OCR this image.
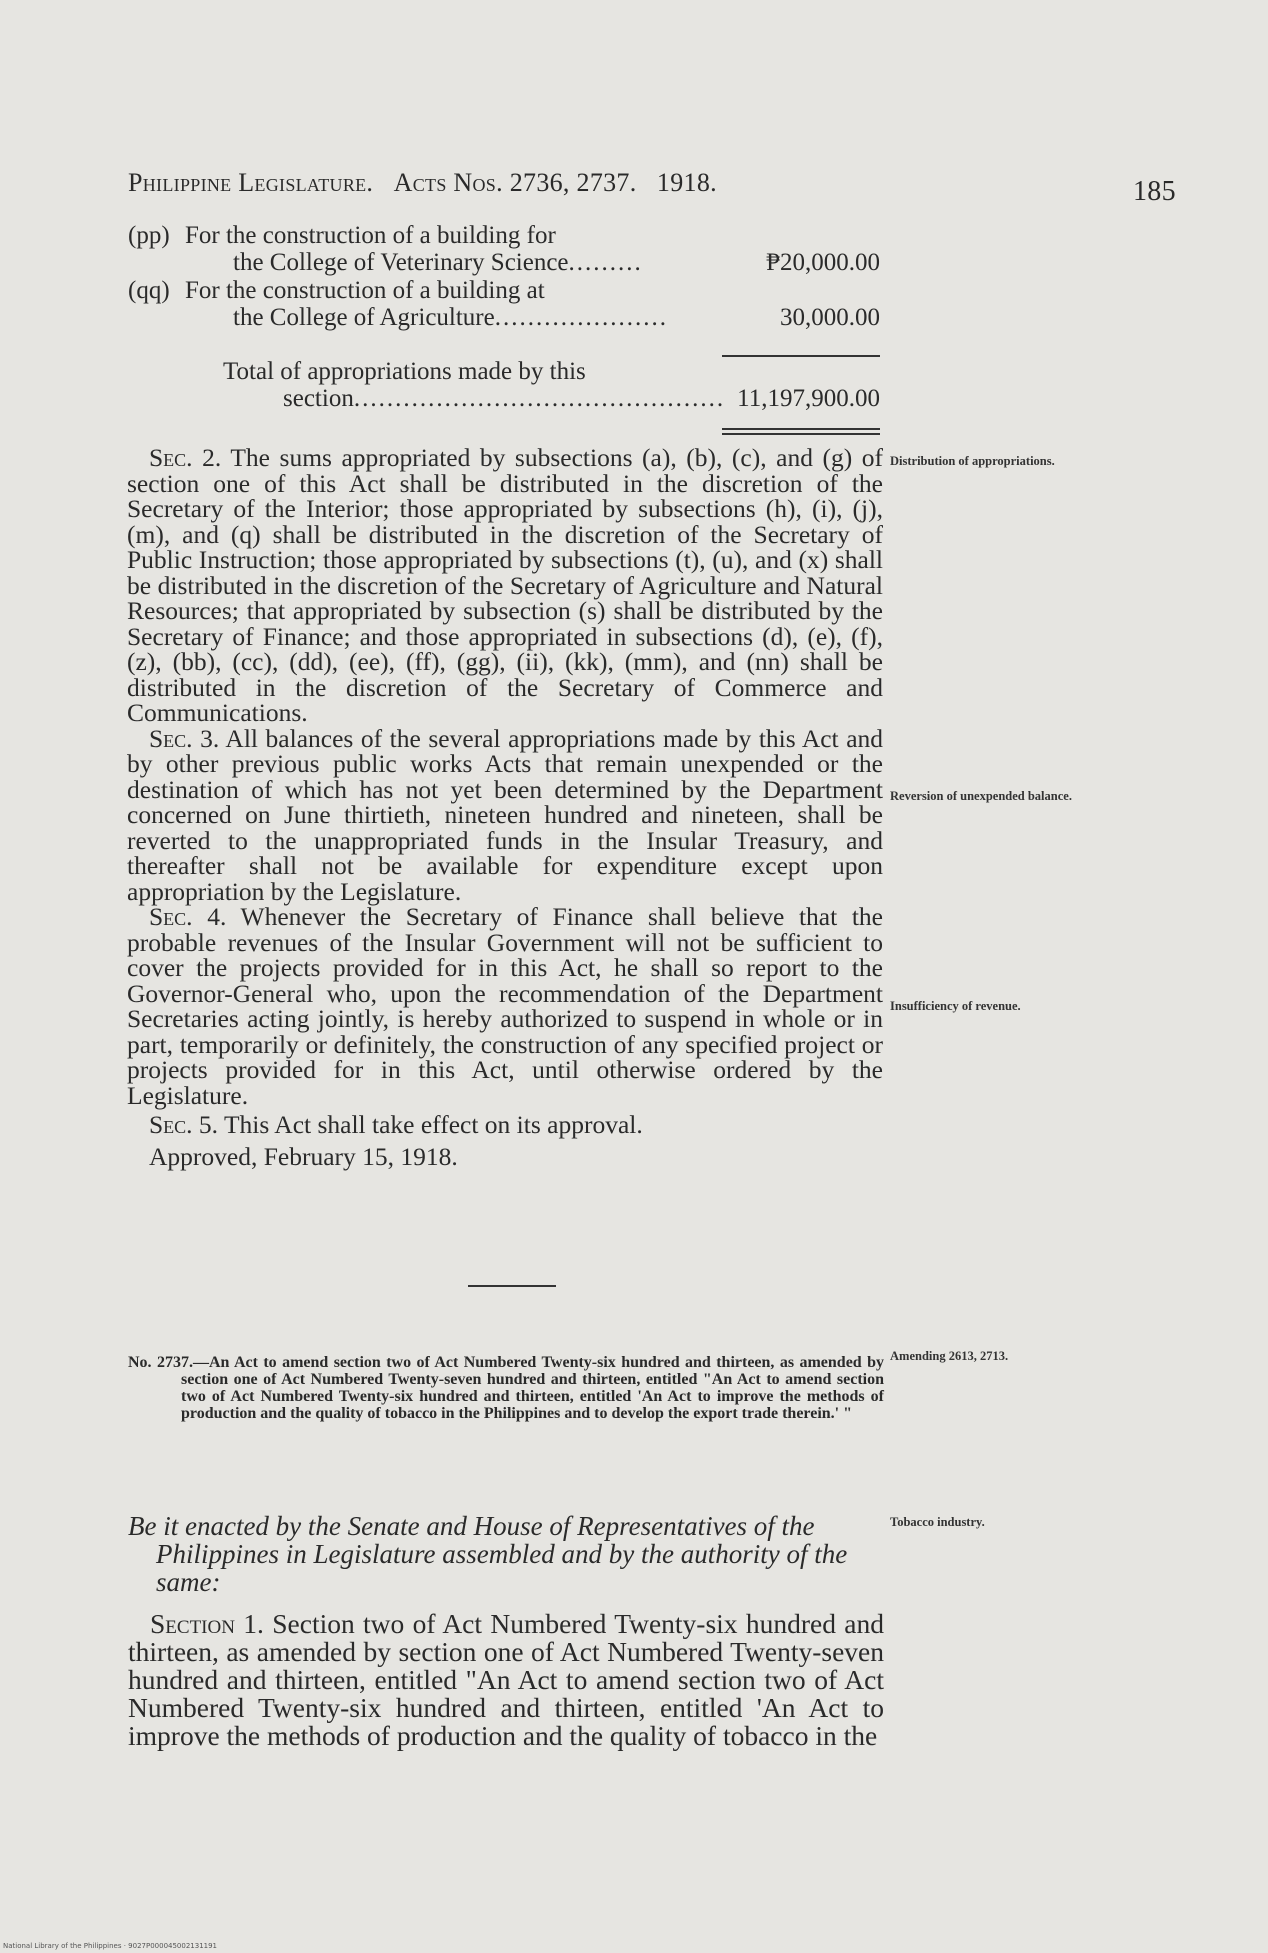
Philippine Legislature. Acts Nos. 2736, 2737. 1918.	185
(pp) For the construction of a building for
the College of Veterinary Science.........	₱20,000.00
(qq) For the construction of a building at
the College of Agriculture.....................	30,000.00
Total of appropriations made by this
section............................................. 11,197,900.00

Sec. 2. The sums appropriated by subsections (a), (b), (c), and (g) of section one of this Act shall be distributed in the discretion of the Secretary of the Interior; those appropriated by subsections (h), (i), (j), (m), and (q) shall be distributed in the discretion of the Secretary of Public Instruction; those appropriated by subsections (t), (u), and (x) shall be distributed in the discretion of the Secretary of Agriculture and Natural Resources; that appropriated by subsection (s) shall be distributed by the Secretary of Finance; and those appropriated in subsections (d), (e), (f), (z), (bb), (cc), (dd), (ee), (ff), (gg), (ii), (kk), (mm), and (nn) shall be distributed in the discretion of the Secretary of Commerce and Communications.

Sec. 3. All balances of the several appropriations made by this Act and by other previous public works Acts that remain unexpended or the destination of which has not yet been determined by the Department concerned on June thirtieth, nineteen hundred and nineteen, shall be reverted to the unappropriated funds in the Insular Treasury, and thereafter shall not be available for expenditure except upon appropriation by the Legislature.

Sec. 4. Whenever the Secretary of Finance shall believe that the probable revenues of the Insular Government will not be sufficient to cover the projects provided for in this Act, he shall so report to the Governor-General who, upon the recommendation of the Department Secretaries acting jointly, is hereby authorized to suspend in whole or in part, temporarily or definitely, the construction of any specified project or projects provided for in this Act, until otherwise ordered by the Legislature.

Sec. 5. This Act shall take effect on its approval.

Approved, February 15, 1918.

Distribution of appropriations.
Reversion of unexpended balance.
Insufficiency of revenue.
Amending 2613, 2713.
Tobacco industry.

No. 2737.—An Act to amend section two of Act Numbered Twenty-six hundred and thirteen, as amended by section one of Act Numbered Twenty-seven hundred and thirteen, entitled "An Act to amend section two of Act Numbered Twenty-six hundred and thirteen, entitled 'An Act to improve the methods of production and the quality of tobacco in the Philippines and to develop the export trade therein.' "

Be it enacted by the Senate and House of Representatives of the Philippines in Legislature assembled and by the authority of the same:

Section 1. Section two of Act Numbered Twenty-six hundred and thirteen, as amended by section one of Act Numbered Twenty-seven hundred and thirteen, entitled "An Act to amend section two of Act Numbered Twenty-six hundred and thirteen, entitled 'An Act to improve the methods of production and the quality of tobacco in the

National Library of the Philippines · 9027P000045002131191
